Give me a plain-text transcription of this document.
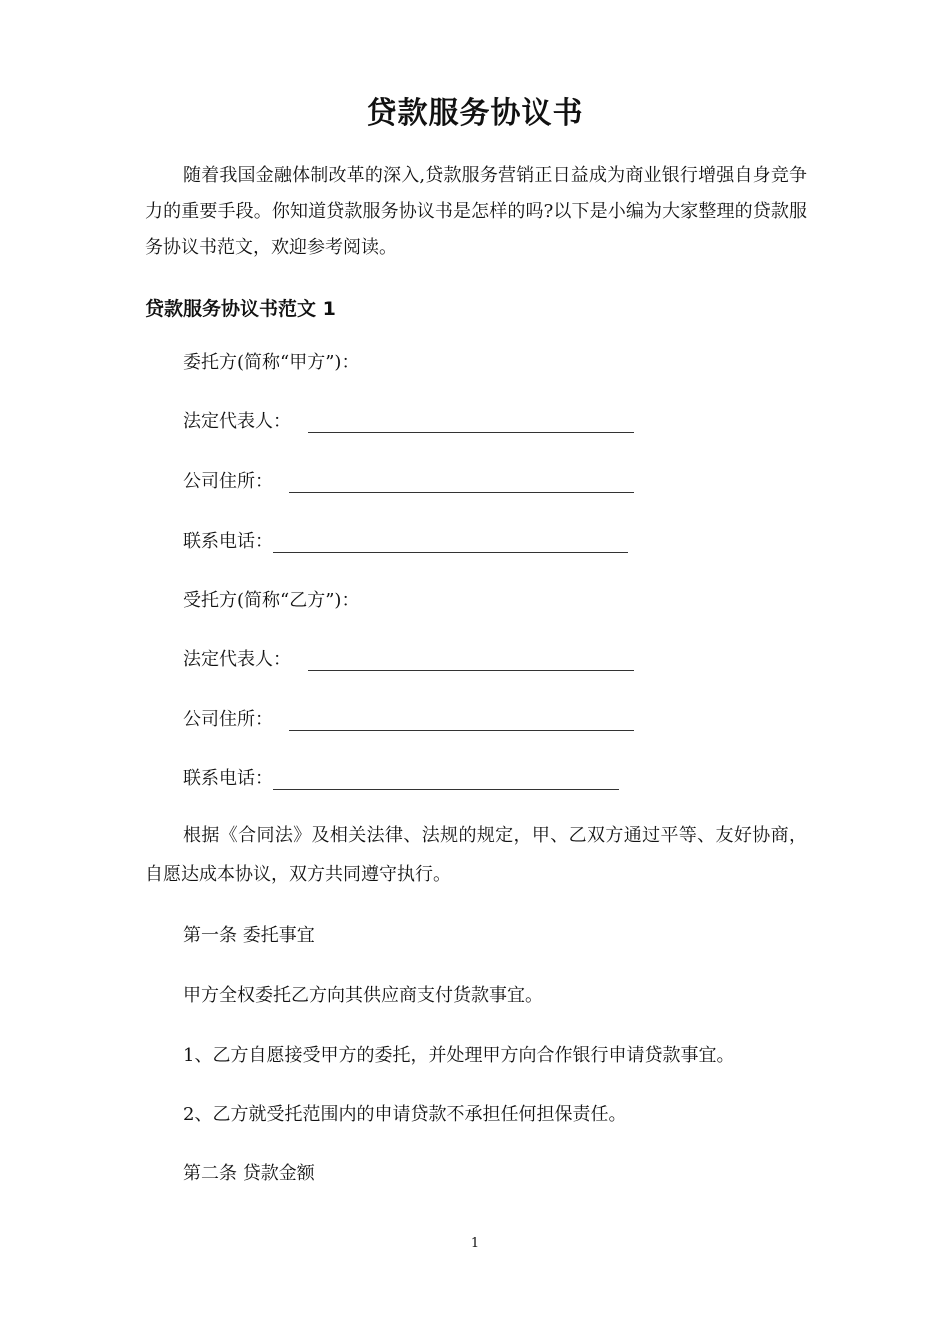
贷款服务协议书

随着我国金融体制改革的深入,贷款服务营销正日益成为商业银行增强自身竞争力的重要手段。你知道贷款服务协议书是怎样的吗?以下是小编为大家整理的贷款服务协议书范文，欢迎参考阅读。

贷款服务协议书范文 1

委托方(简称“甲方”)：

法定代表人：
公司住所：
联系电话：

受托方(简称“乙方”)：

法定代表人：
公司住所：
联系电话：

根据《合同法》及相关法律、法规的规定，甲、乙双方通过平等、友好协商，自愿达成本协议，双方共同遵守执行。

第一条 委托事宜

甲方全权委托乙方向其供应商支付货款事宜。

1、乙方自愿接受甲方的委托，并处理甲方向合作银行申请贷款事宜。

2、乙方就受托范围内的申请贷款不承担任何担保责任。

第二条 贷款金额

1
